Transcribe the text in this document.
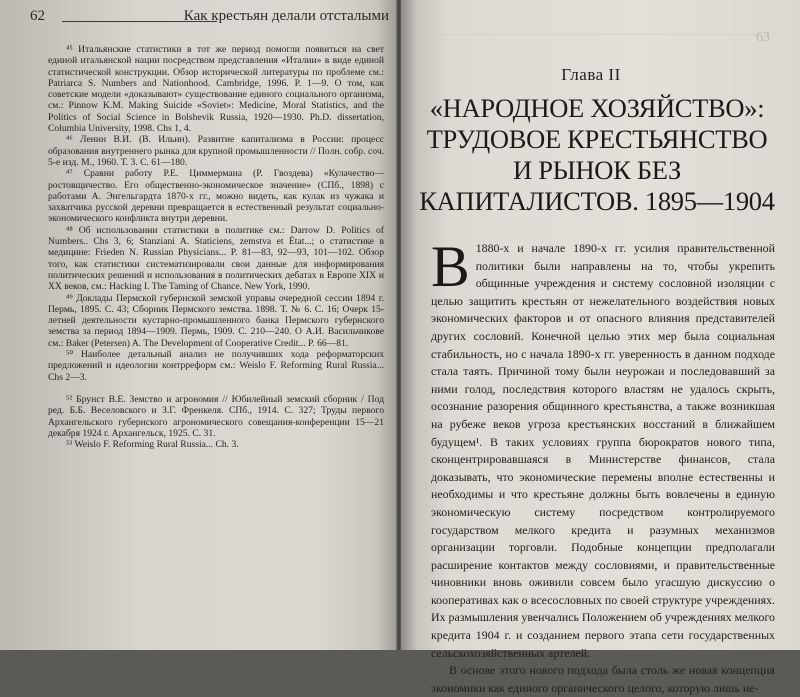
62	Как крестьян делали отсталыми

⁴⁵ Итальянские статистики в тот же период помогли появиться на свет единой итальянской нации посредством представления «Италии» в виде единой статистической конструкции. Обзор исторической литературы по проблеме см.: Patriarca S. Numbers and Nationhood. Cambridge, 1996. P. 1—9. О том, как советские модели «доказывают» существование единого социального организма, см.: Pinnow K.M. Making Suicide «Soviet»: Medicine, Moral Statistics, and the Politics of Social Science in Bolshevik Russia, 1920—1930. Ph.D. dissertation, Columbia University, 1998. Chs 1, 4.

⁴⁶ Ленин В.И. (В. Ильин). Развитие капитализма в России: процесс образования внутреннего рынка для крупной промышленности // Полн. собр. соч. 5-е изд. М., 1960. Т. 3. С. 61—180.

⁴⁷ Сравни работу Р.Е. Циммермана (Р. Гвоздева) «Кулачество—ростовщичество. Его общественно-экономическое значение» (СПб., 1898) с работами А. Энгельгардта 1870-х гг., можно видеть, как кулак из чужака и захватчика русской деревни превращается в естественный результат социально-экономического конфликта внутри деревни.

⁴⁸ Об использовании статистики в политике см.: Darrow D. Politics of Numbers.. Chs 3, 6; Stanziani A. Staticiens, zemstva et État...; о статистике в медицине: Frieden N. Russian Physicians... P. 81—83, 92—93, 101—102. Обзор того, как статистики систематизировали свои данные для информирования политических решений и использования в политических дебатах в Европе XIX и XX веков, см.: Hacking I. The Taming of Chance. New York, 1990.

⁴⁹ Доклады Пермской губернской земской управы очередной сессии 1894 г. Пермь, 1895. С. 43; Сборник Пермского земства. 1898. Т. № 6. С. 16; Очерк 15-летней деятельности кустарно-промышленного банка Пермского губернского земства за период 1894—1909. Пермь, 1909. С. 210—240. О А.И. Васильчикове см.: Baker (Petersen) A. The Development of Cooperative Credit... P. 66—81.

⁵⁰ Наиболее детальный анализ не получивших хода реформаторских предложений и идеологии контрреформ см.: Weislo F. Reforming Rural Russia... Chs 2—3.

⁵² Брунст В.Е. Земство и агрономия // Юбилейный земский сборник / Под ред. Б.Б. Веселовского и З.Г. Френкеля. СПб., 1914. С. 327; Труды первого Архангельского губернского агрономического совещания-конференции 15—21 декабря 1924 г. Архангельск, 1925. С. 31.

⁵³ Weislo F. Reforming Rural Russia... Ch. 3.

63
Глава II
«НАРОДНОЕ ХОЗЯЙСТВО»: ТРУДОВОЕ КРЕСТЬЯНСТВО И РЫНОК БЕЗ КАПИТАЛИСТОВ. 1895—1904

В 1880-х и начале 1890-х гг. усилия правительственной политики были направлены на то, чтобы укрепить общинные учреждения и систему сословной изоляции с целью защитить крестьян от нежелательного воздействия новых экономических факторов и от опасного влияния представителей других сословий. Конечной целью этих мер была социальная стабильность, но с начала 1890-х гг. уверенность в данном подходе стала таять. Причиной тому были неурожаи и последовавший за ними голод, последствия которого властям не удалось скрыть, осознание разорения общинного крестьянства, а также возникшая на рубеже веков угроза крестьянских восстаний в ближайшем будущем¹. В таких условиях группа бюрократов нового типа, сконцентрировавшаяся в Министерстве финансов, стала доказывать, что экономические перемены вполне естественны и необходимы и что крестьяне должны быть вовлечены в единую экономическую систему посредством контролируемого государством мелкого кредита и разумных механизмов организации торговли. Подобные концепции предполагали расширение контактов между сословиями, и правительственные чиновники вновь оживили совсем было угасшую дискуссию о кооперативах как о всесословных по своей структуре учреждениях. Их размышления увенчались Положением об учреждениях мелкого кредита 1904 г. и созданием первого этапа сети государственных сельскохозяйственных артелей.

В основе этого нового подхода была столь же новая концепция экономики как единого органического целого, которую лишь не-
